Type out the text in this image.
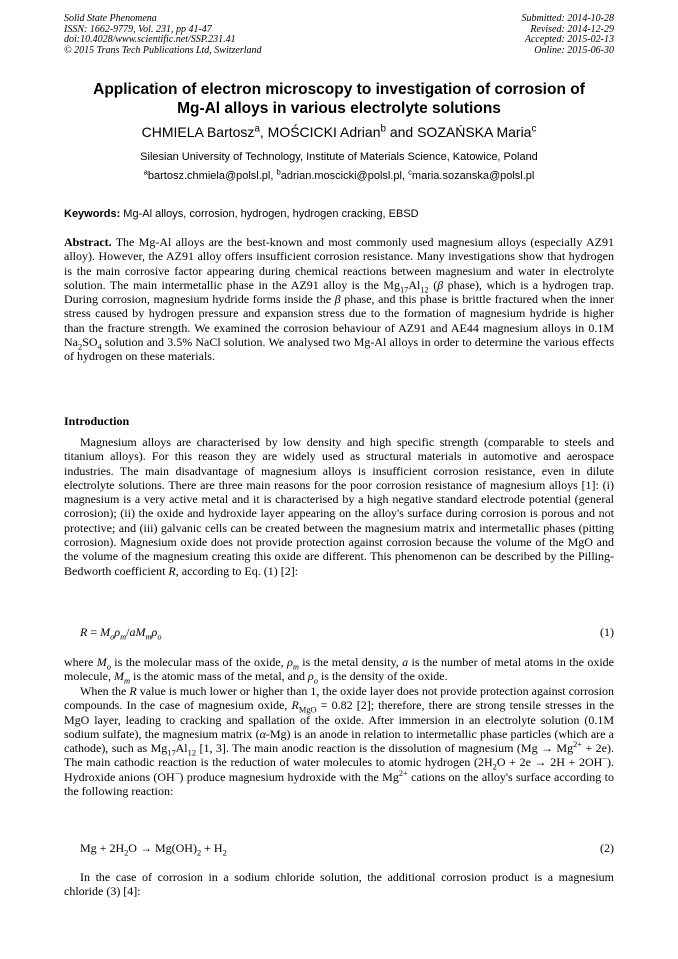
Solid State Phenomena
ISSN: 1662-9779, Vol. 231, pp 41-47
doi:10.4028/www.scientific.net/SSP.231.41
© 2015 Trans Tech Publications Ltd, Switzerland
Submitted: 2014-10-28
Revised: 2014-12-29
Accepted: 2015-02-13
Online: 2015-06-30
Application of electron microscopy to investigation of corrosion of
Mg-Al alloys in various electrolyte solutions
CHMIELA Bartosz$^a$, MOŚCICKI Adrian$^b$ and SOZAŃSKA Maria$^c$
Silesian University of Technology, Institute of Materials Science, Katowice, Poland
$^a$bartosz.chmiela@polsl.pl, $^b$adrian.moscicki@polsl.pl, $^c$maria.sozanska@polsl.pl
Keywords: Mg-Al alloys, corrosion, hydrogen, hydrogen cracking, EBSD
Abstract. The Mg-Al alloys are the best-known and most commonly used magnesium alloys (especially AZ91 alloy). However, the AZ91 alloy offers insufficient corrosion resistance. Many investigations show that hydrogen is the main corrosive factor appearing during chemical reactions between magnesium and water in electrolyte solution. The main intermetallic phase in the AZ91 alloy is the $Mg_{17}Al_{12}$ (β phase), which is a hydrogen trap. During corrosion, magnesium hydride forms inside the β phase, and this phase is brittle fractured when the inner stress caused by hydrogen pressure and expansion stress due to the formation of magnesium hydride is higher than the fracture strength. We examined the corrosion behaviour of AZ91 and AE44 magnesium alloys in 0.1M $Na_2SO_4$ solution and 3.5% NaCl solution. We analysed two Mg-Al alloys in order to determine the various effects of hydrogen on these materials.
Introduction
Magnesium alloys are characterised by low density and high specific strength (comparable to steels and titanium alloys). For this reason they are widely used as structural materials in automotive and aerospace industries. The main disadvantage of magnesium alloys is insufficient corrosion resistance, even in dilute electrolyte solutions. There are three main reasons for the poor corrosion resistance of magnesium alloys [1]: (i) magnesium is a very active metal and it is characterised by a high negative standard electrode potential (general corrosion); (ii) the oxide and hydroxide layer appearing on the alloy's surface during corrosion is porous and not protective; and (iii) galvanic cells can be created between the magnesium matrix and intermetallic phases (pitting corrosion). Magnesium oxide does not provide protection against corrosion because the volume of the MgO and the volume of the magnesium creating this oxide are different. This phenomenon can be described by the Pilling-Bedworth coefficient R, according to Eq. (1) [2]:
$R = M_o\rho_m/aM_m\rho_o$	(1)
where $M_o$ is the molecular mass of the oxide, $\rho_m$ is the metal density, a is the number of metal atoms in the oxide molecule, $M_m$ is the atomic mass of the metal, and $\rho_o$ is the density of the oxide.
When the R value is much lower or higher than 1, the oxide layer does not provide protection against corrosion compounds. In the case of magnesium oxide, $R_{MgO} = 0.82$ [2]; therefore, there are strong tensile stresses in the MgO layer, leading to cracking and spallation of the oxide. After immersion in an electrolyte solution (0.1M sodium sulfate), the magnesium matrix (α-Mg) is an anode in relation to intermetallic phase particles (which are a cathode), such as $Mg_{17}Al_{12}$ [1, 3]. The main anodic reaction is the dissolution of magnesium $(Mg \to Mg^{2+} + 2e)$. The main cathodic reaction is the reduction of water molecules to atomic hydrogen $(2H_2O + 2e \to 2H + 2OH^-)$. Hydroxide anions (OH−) produce magnesium hydroxide with the $Mg^{2+}$ cations on the alloy's surface according to the following reaction:
$Mg + 2H_2O \to Mg(OH)_2 + H_2$	(2)
In the case of corrosion in a sodium chloride solution, the additional corrosion product is a magnesium chloride (3) [4]:
